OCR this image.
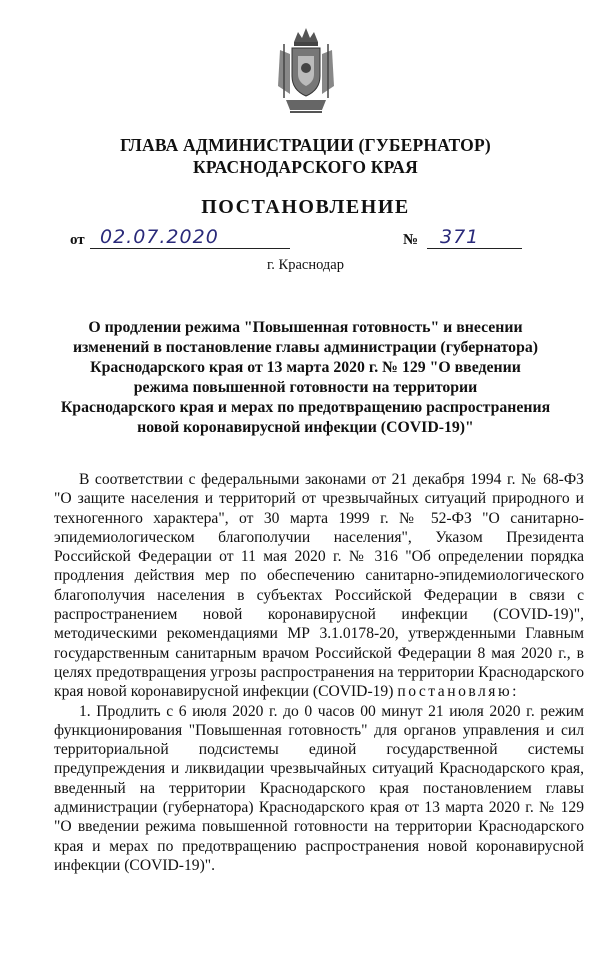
ГЛАВА АДМИНИСТРАЦИИ (ГУБЕРНАТОР)
КРАСНОДАРСКОГО КРАЯ
ПОСТАНОВЛЕНИЕ
от 02.07.2020	№ 371
г. Краснодар
О продлении режима "Повышенная готовность" и внесении
изменений в постановление главы администрации (губернатора)
Краснодарского края от 13 марта 2020 г. № 129 "О введении
режима повышенной готовности на территории
Краснодарского края и мерах по предотвращению распространения
новой коронавирусной инфекции (COVID-19)"

В соответствии с федеральными законами от 21 декабря 1994 г. № 68-ФЗ "О защите населения и территорий от чрезвычайных ситуаций природного и техногенного характера", от 30 марта 1999 г. № 52-ФЗ "О санитарно-эпидемиологическом благополучии населения", Указом Президента Российской Федерации от 11 мая 2020 г. № 316 "Об определении порядка продления действия мер по обеспечению санитарно-эпидемиологического благополучия населения в субъектах Российской Федерации в связи с распространением новой коронавирусной инфекции (COVID-19)", методическими рекомендациями МР 3.1.0178-20, утвержденными Главным государственным санитарным врачом Российской Федерации 8 мая 2020 г., в целях предотвращения угрозы распространения на территории Краснодарского края новой коронавирусной инфекции (COVID-19) постановляю:

1. Продлить с 6 июля 2020 г. до 0 часов 00 минут 21 июля 2020 г. режим функционирования "Повышенная готовность" для органов управления и сил территориальной подсистемы единой государственной системы предупреждения и ликвидации чрезвычайных ситуаций Краснодарского края, введенный на территории Краснодарского края постановлением главы администрации (губернатора) Краснодарского края от 13 марта 2020 г. № 129 "О введении режима повышенной готовности на территории Краснодарского края и мерах по предотвращению распространения новой коронавирусной инфекции (COVID-19)".
